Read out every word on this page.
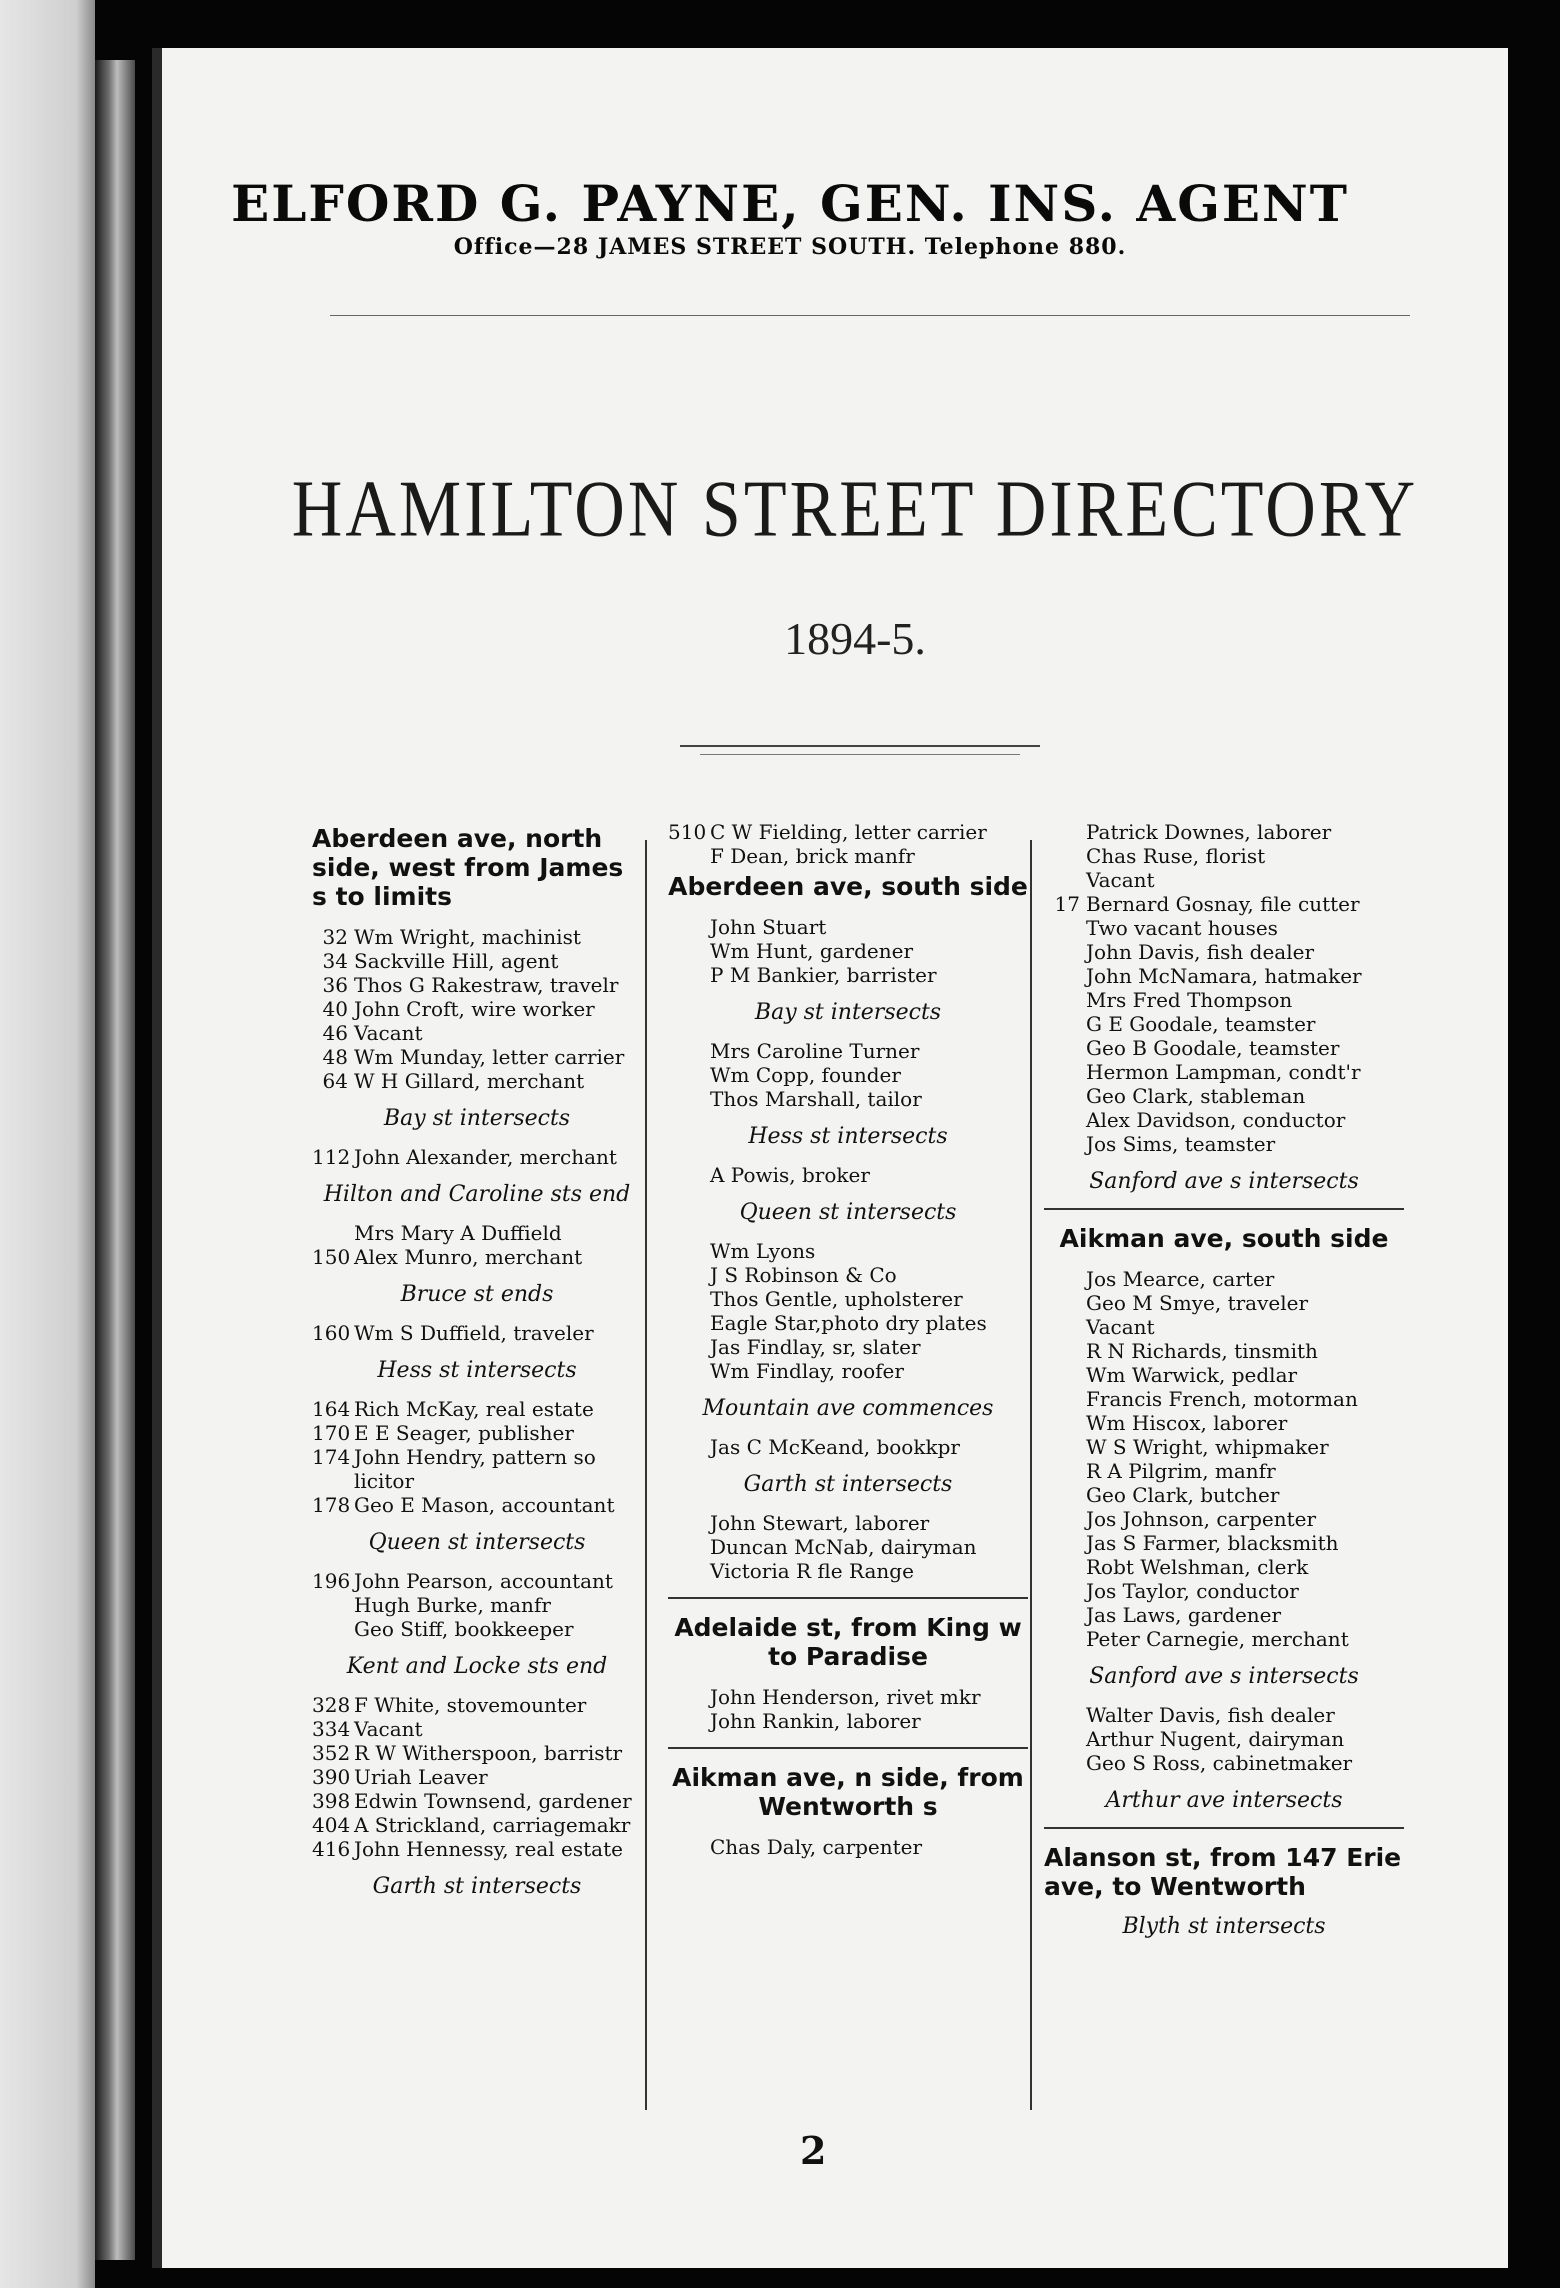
ELFORD G. PAYNE, GEN. INS. AGENT
Office—28 JAMES STREET SOUTH. Telephone 880.
HAMILTON STREET DIRECTORY
1894-5.
Aberdeen ave, north side, west from James s to limits
32 Wm Wright, machinist
34 Sackville Hill, agent
36 Thos G Rakestraw, travelr
40 John Croft, wire worker
46 Vacant
48 Wm Munday, letter carrier
64 W H Gillard, merchant
Bay st intersects
112 John Alexander, merchant
Hilton and Caroline sts end
Mrs Mary A Duffield
150 Alex Munro, merchant
Bruce st ends
160 Wm S Duffield, traveler
Hess st intersects
164 Rich McKay, real estate
170 E E Seager, publisher
174 John Hendry, pattern so
licitor
178 Geo E Mason, accountant
Queen st intersects
196 John Pearson, accountant
Hugh Burke, manfr
Geo Stiff, bookkeeper
Kent and Locke sts end
328 F White, stovemounter
334 Vacant
352 R W Witherspoon, barristr
390 Uriah Leaver
398 Edwin Townsend, gardener
404 A Strickland, carriagemakr
416 John Hennessy, real estate
Garth st intersects
510 C W Fielding, letter carrier
F Dean, brick manfr
Aberdeen ave, south side
John Stuart
Wm Hunt, gardener
P M Bankier, barrister
Bay st intersects
Mrs Caroline Turner
Wm Copp, founder
Thos Marshall, tailor
Hess st intersects
A Powis, broker
Queen st intersects
Wm Lyons
J S Robinson & Co
Thos Gentle, upholsterer
Eagle Star,photo dry plates
Jas Findlay, sr, slater
Wm Findlay, roofer
Mountain ave commences
Jas C McKeand, bookkpr
Garth st intersects
John Stewart, laborer
Duncan McNab, dairyman
Victoria R fle Range
Adelaide st, from King w to Paradise
John Henderson, rivet mkr
John Rankin, laborer
Aikman ave, n side, from Wentworth s
Chas Daly, carpenter
Patrick Downes, laborer
Chas Ruse, florist
Vacant
17 Bernard Gosnay, file cutter
Two vacant houses
John Davis, fish dealer
John McNamara, hatmaker
Mrs Fred Thompson
G E Goodale, teamster
Geo B Goodale, teamster
Hermon Lampman, condt'r
Geo Clark, stableman
Alex Davidson, conductor
Jos Sims, teamster
Sanford ave s intersects
Aikman ave, south side
Jos Mearce, carter
Geo M Smye, traveler
Vacant
R N Richards, tinsmith
Wm Warwick, pedlar
Francis French, motorman
Wm Hiscox, laborer
W S Wright, whipmaker
R A Pilgrim, manfr
Geo Clark, butcher
Jos Johnson, carpenter
Jas S Farmer, blacksmith
Robt Welshman, clerk
Jos Taylor, conductor
Jas Laws, gardener
Peter Carnegie, merchant
Sanford ave s intersects
Walter Davis, fish dealer
Arthur Nugent, dairyman
Geo S Ross, cabinetmaker
Arthur ave intersects
Alanson st, from 147 Erie ave, to Wentworth
Blyth st intersects
2
